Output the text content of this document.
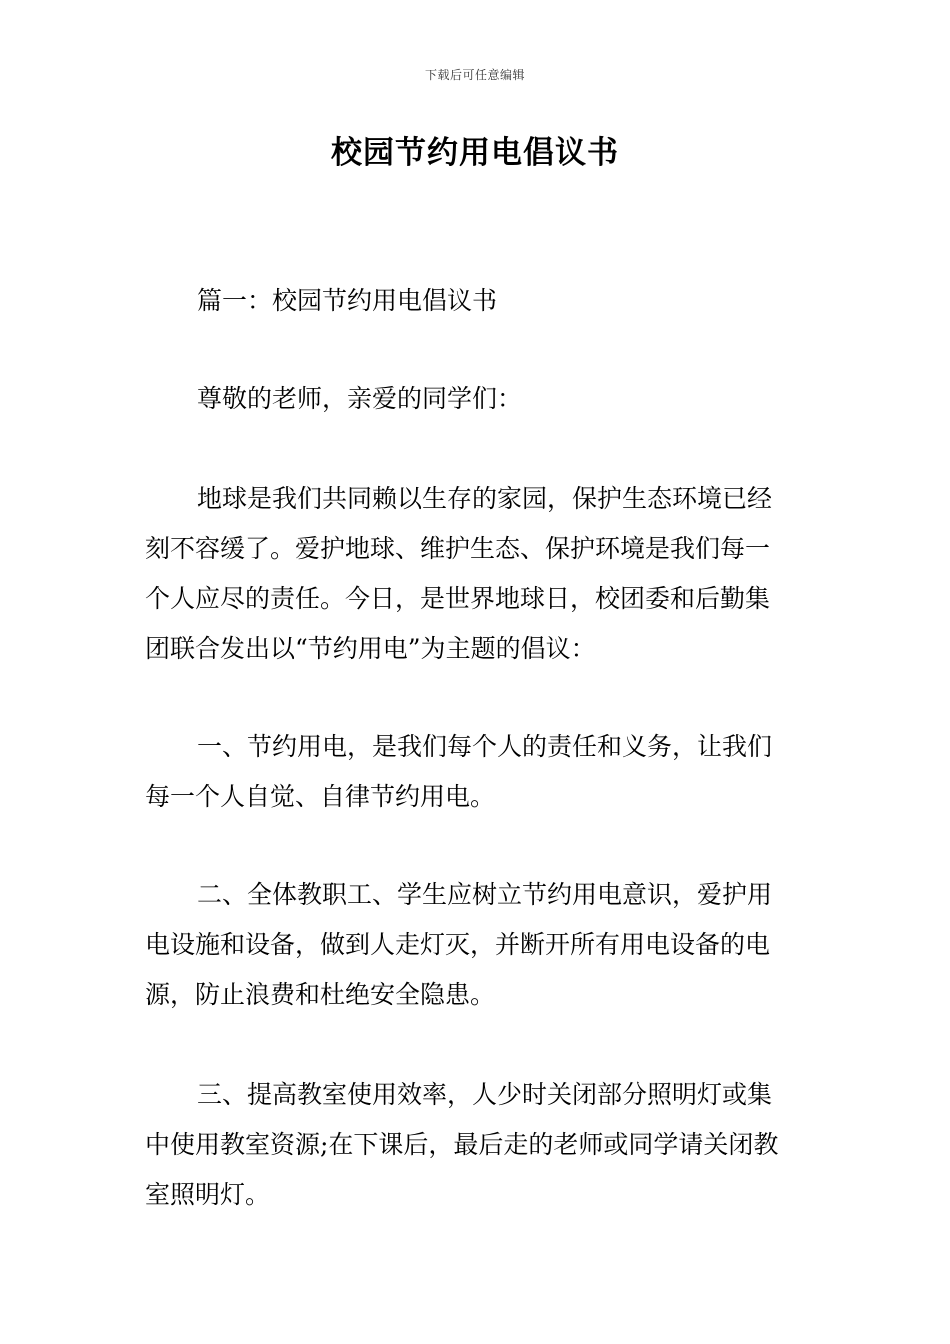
下载后可任意编辑
校园节约用电倡议书

篇一：校园节约用电倡议书

尊敬的老师，亲爱的同学们：

地球是我们共同赖以生存的家园，保护生态环境已经
刻不容缓了。爱护地球、维护生态、保护环境是我们每一
个人应尽的责任。今日，是世界地球日，校团委和后勤集
团联合发出以“节约用电”为主题的倡议：
一、节约用电，是我们每个人的责任和义务，让我们
每一个人自觉、自律节约用电。
二、全体教职工、学生应树立节约用电意识，爱护用
电设施和设备，做到人走灯灭，并断开所有用电设备的电
源，防止浪费和杜绝安全隐患。
三、提高教室使用效率，人少时关闭部分照明灯或集
中使用教室资源;在下课后，最后走的老师或同学请关闭教
室照明灯。
